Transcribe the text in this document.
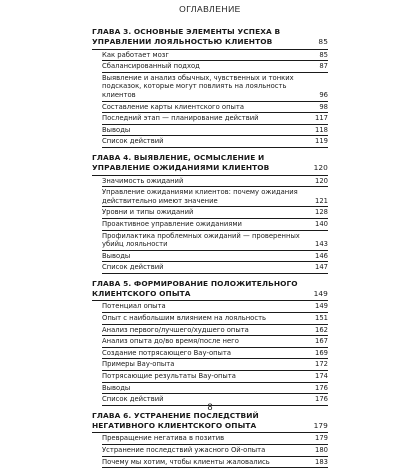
ОГЛАВЛЕНИЕ
ГЛАВА 3. ОСНОВНЫЕ ЭЛЕМЕНТЫ УСПЕХА В УПРАВЛЕНИИ ЛОЯЛЬНОСТЬЮ КЛИЕНТОВ	85
Как работает мозг	85
Сбалансированный подход	87
Выявление и анализ обычных, чувственных и тонких подсказок, которые могут повлиять на лояльность клиентов	96
Составление карты клиентского опыта	98
Последний этап — планирование действий	117
Выводы	118
Список действий	119
ГЛАВА 4. ВЫЯВЛЕНИЕ, ОСМЫСЛЕНИЕ И УПРАВЛЕНИЕ ОЖИДАНИЯМИ КЛИЕНТОВ	120
Значимость ожиданий	120
Управление ожиданиями клиентов: почему ожидания действительно имеют значение	121
Уровни и типы ожиданий	128
Проактивное управление ожиданиями	140
Профилактика проблемных ожиданий — проверенных убийц лояльности	143
Выводы	146
Список действий	147
ГЛАВА 5. ФОРМИРОВАНИЕ ПОЛОЖИТЕЛЬНОГО КЛИЕНТСКОГО ОПЫТА	149
Потенциал опыта	149
Опыт с наибольшим влиянием на лояльность	151
Анализ первого/лучшего/худшего опыта	162
Анализ опыта до/во время/после него	167
Создание потрясающего Вау-опыта	169
Примеры Вау-опыта	172
Потрясающие результаты Вау-опыта	174
Выводы	176
Список действий	176
ГЛАВА 6. УСТРАНЕНИЕ ПОСЛЕДСТВИЙ НЕГАТИВНОГО КЛИЕНТСКОГО ОПЫТА	179
Превращение негатива в позитив	179
Устранение последствий ужасного Ой-опыта	180
Почему мы хотим, чтобы клиенты жаловались	183
8
